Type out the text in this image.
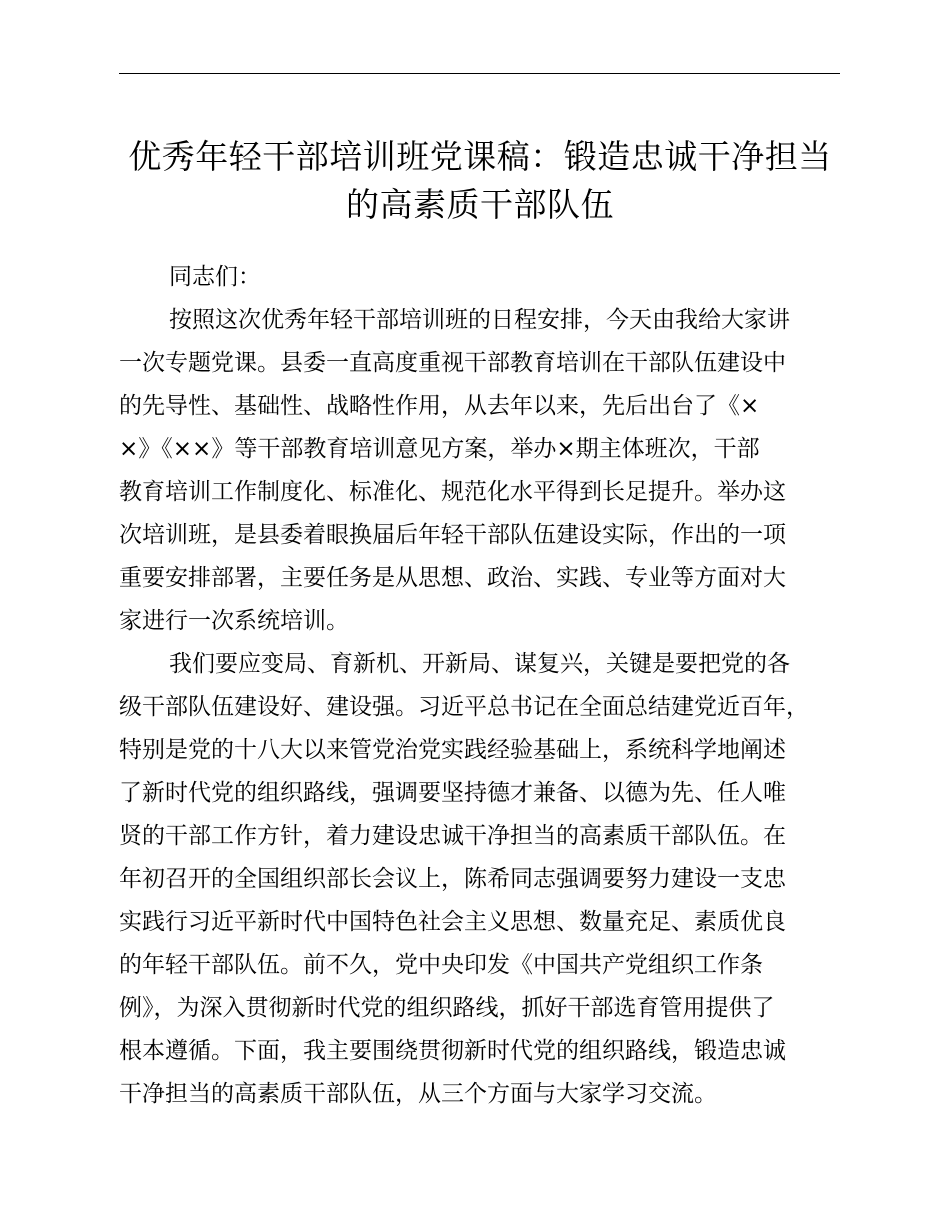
优秀年轻干部培训班党课稿：锻造忠诚干净担当
的高素质干部队伍
同志们：
按照这次优秀年轻干部培训班的日程安排，今天由我给大家讲
一次专题党课。县委一直高度重视干部教育培训在干部队伍建设中
的先导性、基础性、战略性作用，从去年以来，先后出台了《×
×》《××》等干部教育培训意见方案，举办×期主体班次，干部
教育培训工作制度化、标准化、规范化水平得到长足提升。举办这
次培训班，是县委着眼换届后年轻干部队伍建设实际，作出的一项
重要安排部署，主要任务是从思想、政治、实践、专业等方面对大
家进行一次系统培训。
我们要应变局、育新机、开新局、谋复兴，关键是要把党的各
级干部队伍建设好、建设强。习近平总书记在全面总结建党近百年，
特别是党的十八大以来管党治党实践经验基础上，系统科学地阐述
了新时代党的组织路线，强调要坚持德才兼备、以德为先、任人唯
贤的干部工作方针，着力建设忠诚干净担当的高素质干部队伍。在
年初召开的全国组织部长会议上，陈希同志强调要努力建设一支忠
实践行习近平新时代中国特色社会主义思想、数量充足、素质优良
的年轻干部队伍。前不久，党中央印发《中国共产党组织工作条
例》，为深入贯彻新时代党的组织路线，抓好干部选育管用提供了
根本遵循。下面，我主要围绕贯彻新时代党的组织路线，锻造忠诚
干净担当的高素质干部队伍，从三个方面与大家学习交流。
